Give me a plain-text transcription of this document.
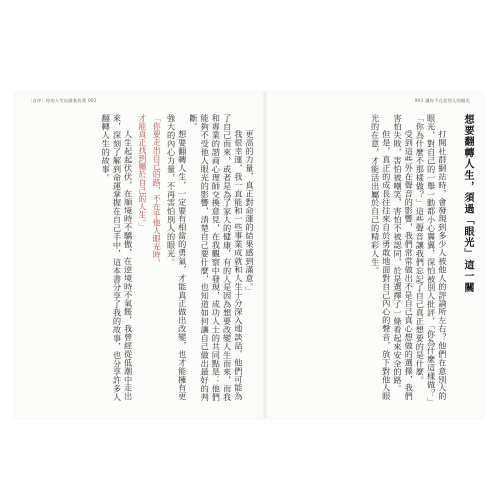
〔自序〕你的人生由誰來負責 002	003 讓你不在意別人的眼光

想要翻轉人生，須過「眼光」這一關

打開社群網站時，會發現到多少人被他人的評論所左右？他們在意別人的眼光，對自己的一舉一動都小心翼翼，深怕被別人批評，「你為什麼這樣做？」「你為什麼不那樣做？」這些聲音讓我們忘記了自己真正想要的是什麼。

受到這些外在聲音的影響，我們常常做出不是自己真心想做的選擇，我們害怕失敗，害怕被嘲笑，害怕不被認同，於是選擇了一條看起來安全的路。

但是，真正的成長往往來自於勇敢地面對自己內心的聲音，放下對他人眼光的在意，才能活出屬於自己的精彩人生。

更高的力量，真正對命運的結果感到滿意。」

我很幸運，我一直能和一些事業成就和人生十分深入地談話，他們可能為了自己而來，或者是為了家人的健康，有的人是因為想要改變人生而來，而我和專業的諮商心理師交換意見，在我觀察中發現，成功人士的共同點是：他們能夠不受他人眼光的影響，清楚自己要什麼，也知道如何讓自己做出最好的判斷。

想要翻轉人生，一定要有相當的勇氣，才能真正做出改變，也才能擁有更強大的內心力量，不再害怕別人的眼光。

「你要走出自己的路，不在乎他人眼光時，

才能真正找到屬於自己的人生。」

人生起起伏伏，在順境時不驕傲，在逆境時不氣餒，我曾經從低潮中走出來，深刻了解到命運掌握在自己手中，這本書分享了我的故事，也分享許多人翻轉人生的故事。
